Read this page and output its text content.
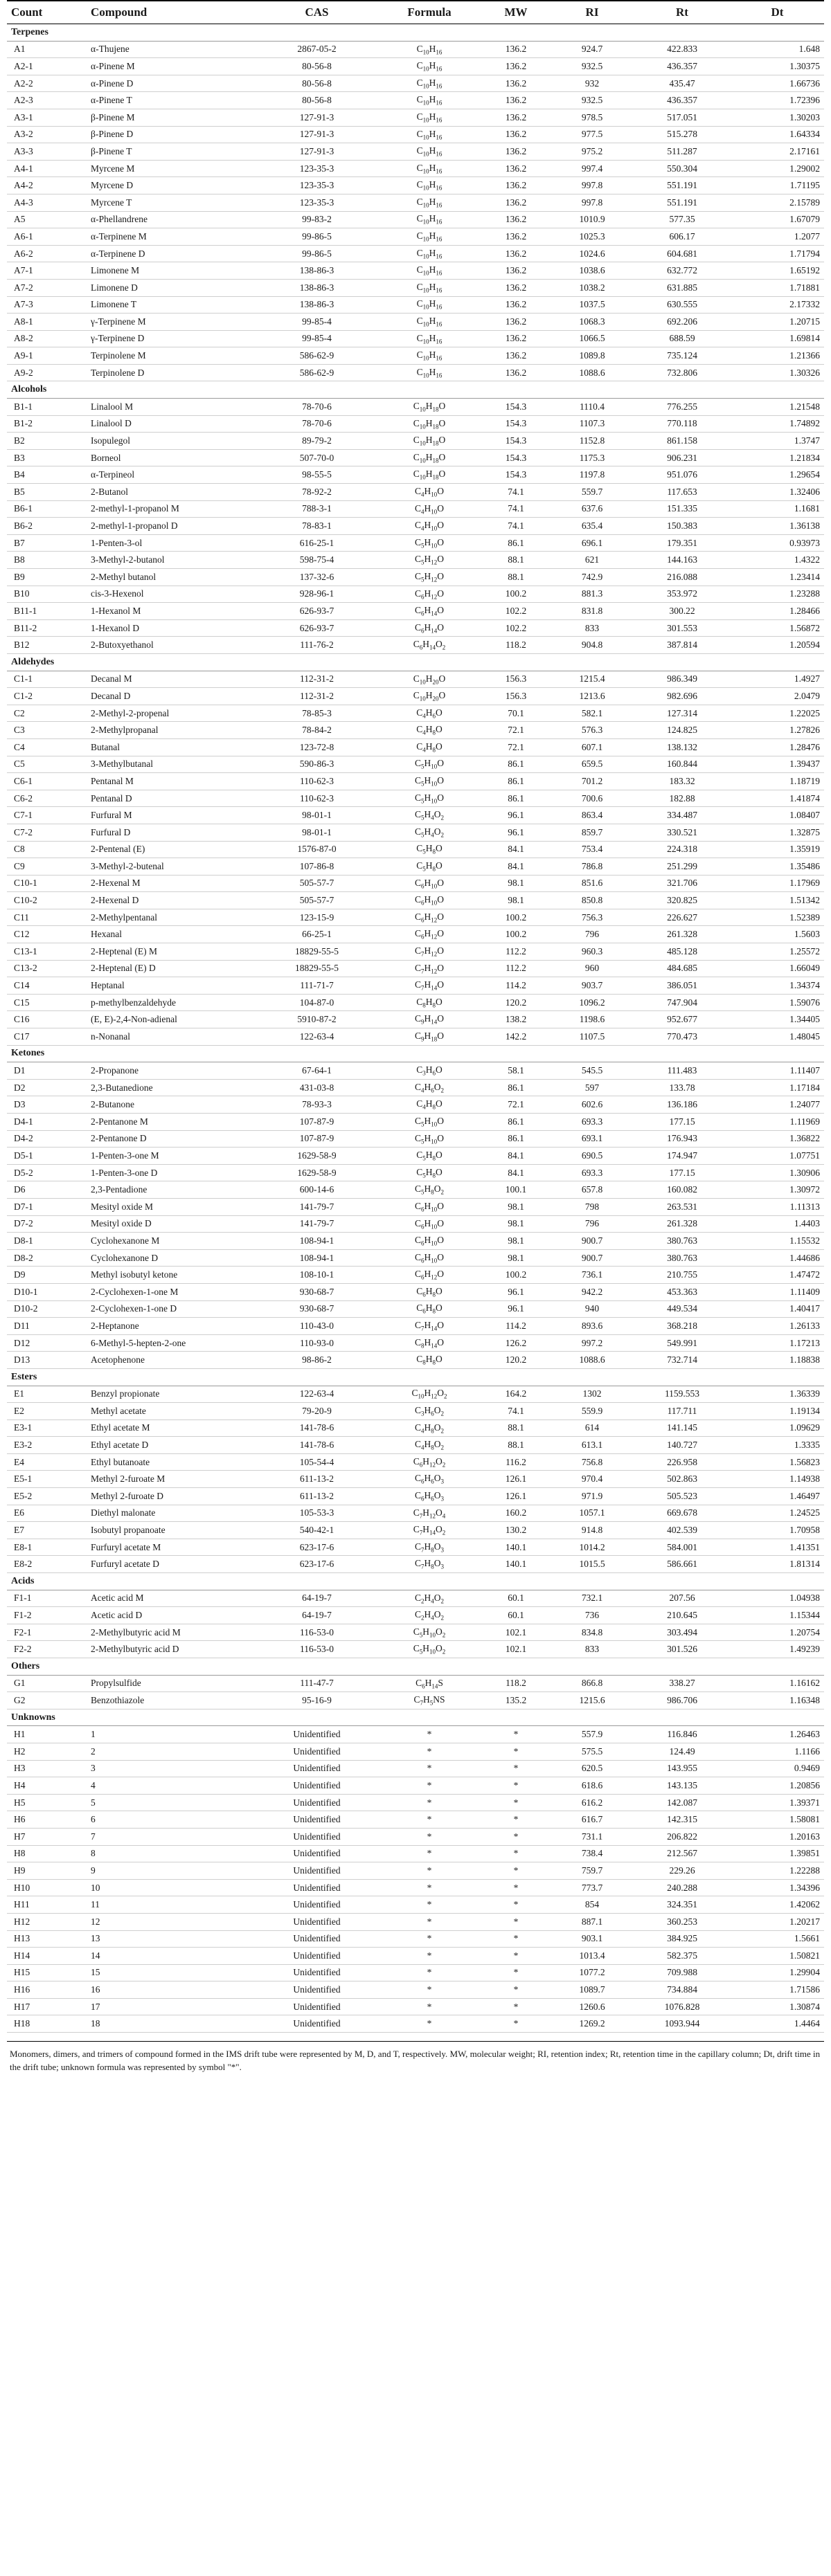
Count	Compound	CAS	Formula	MW	RI	Rt	Dt
Terpenes							
A1	α-Thujene	2867-05-2	$C_{10}H_{16}$	136.2	924.7	422.833	1.648
A2-1	α-Pinene M	80-56-8	$C_{10}H_{16}$	136.2	932.5	436.357	1.30375
A2-2	α-Pinene D	80-56-8	$C_{10}H_{16}$	136.2	932	435.47	1.66736
A2-3	α-Pinene T	80-56-8	$C_{10}H_{16}$	136.2	932.5	436.357	1.72396
A3-1	β-Pinene M	127-91-3	$C_{10}H_{16}$	136.2	978.5	517.051	1.30203
A3-2	β-Pinene D	127-91-3	$C_{10}H_{16}$	136.2	977.5	515.278	1.64334
A3-3	β-Pinene T	127-91-3	$C_{10}H_{16}$	136.2	975.2	511.287	2.17161
A4-1	Myrcene M	123-35-3	$C_{10}H_{16}$	136.2	997.4	550.304	1.29002
A4-2	Myrcene D	123-35-3	$C_{10}H_{16}$	136.2	997.8	551.191	1.71195
A4-3	Myrcene T	123-35-3	$C_{10}H_{16}$	136.2	997.8	551.191	2.15789
A5	α-Phellandrene	99-83-2	$C_{10}H_{16}$	136.2	1010.9	577.35	1.67079
A6-1	α-Terpinene M	99-86-5	$C_{10}H_{16}$	136.2	1025.3	606.17	1.2077
A6-2	α-Terpinene D	99-86-5	$C_{10}H_{16}$	136.2	1024.6	604.681	1.71794
A7-1	Limonene M	138-86-3	$C_{10}H_{16}$	136.2	1038.6	632.772	1.65192
A7-2	Limonene D	138-86-3	$C_{10}H_{16}$	136.2	1038.2	631.885	1.71881
A7-3	Limonene T	138-86-3	$C_{10}H_{16}$	136.2	1037.5	630.555	2.17332
A8-1	γ-Terpinene M	99-85-4	$C_{10}H_{16}$	136.2	1068.3	692.206	1.20715
A8-2	γ-Terpinene D	99-85-4	$C_{10}H_{16}$	136.2	1066.5	688.59	1.69814
A9-1	Terpinolene M	586-62-9	$C_{10}H_{16}$	136.2	1089.8	735.124	1.21366
A9-2	Terpinolene D	586-62-9	$C_{10}H_{16}$	136.2	1088.6	732.806	1.30326
Alcohols							
B1-1	Linalool M	78-70-6	$C_{10}H_{18}O$	154.3	1110.4	776.255	1.21548
B1-2	Linalool D	78-70-6	$C_{10}H_{18}O$	154.3	1107.3	770.118	1.74892
B2	Isopulegol	89-79-2	$C_{10}H_{18}O$	154.3	1152.8	861.158	1.3747
B3	Borneol	507-70-0	$C_{10}H_{18}O$	154.3	1175.3	906.231	1.21834
B4	α-Terpineol	98-55-5	$C_{10}H_{18}O$	154.3	1197.8	951.076	1.29654
B5	2-Butanol	78-92-2	$C_4H_{10}O$	74.1	559.7	117.653	1.32406
B6-1	2-methyl-1-propanol M	788-3-1	$C_4H_{10}O$	74.1	637.6	151.335	1.1681
B6-2	2-methyl-1-propanol D	78-83-1	$C_4H_{10}O$	74.1	635.4	150.383	1.36138
B7	1-Penten-3-ol	616-25-1	$C_5H_{10}O$	86.1	696.1	179.351	0.93973
B8	3-Methyl-2-butanol	598-75-4	$C_5H_{12}O$	88.1	621	144.163	1.4322
B9	2-Methyl butanol	137-32-6	$C_5H_{12}O$	88.1	742.9	216.088	1.23414
B10	cis-3-Hexenol	928-96-1	$C_6H_{12}O$	100.2	881.3	353.972	1.23288
B11-1	1-Hexanol M	626-93-7	$C_6H_{14}O$	102.2	831.8	300.22	1.28466
B11-2	1-Hexanol D	626-93-7	$C_6H_{14}O$	102.2	833	301.553	1.56872
B12	2-Butoxyethanol	111-76-2	$C_6H_{14}O_2$	118.2	904.8	387.814	1.20594
Aldehydes							
C1-1	Decanal M	112-31-2	$C_{10}H_{20}O$	156.3	1215.4	986.349	1.4927
C1-2	Decanal D	112-31-2	$C_{10}H_{20}O$	156.3	1213.6	982.696	2.0479
C2	2-Methyl-2-propenal	78-85-3	$C_4H_6O$	70.1	582.1	127.314	1.22025
C3	2-Methylpropanal	78-84-2	$C_4H_8O$	72.1	576.3	124.825	1.27826
C4	Butanal	123-72-8	$C_4H_8O$	72.1	607.1	138.132	1.28476
C5	3-Methylbutanal	590-86-3	$C_5H_{10}O$	86.1	659.5	160.844	1.39437
C6-1	Pentanal M	110-62-3	$C_5H_{10}O$	86.1	701.2	183.32	1.18719
C6-2	Pentanal D	110-62-3	$C_5H_{10}O$	86.1	700.6	182.88	1.41874
C7-1	Furfural M	98-01-1	$C_5H_4O_2$	96.1	863.4	334.487	1.08407
C7-2	Furfural D	98-01-1	$C_5H_4O_2$	96.1	859.7	330.521	1.32875
C8	2-Pentenal (E)	1576-87-0	$C_5H_8O$	84.1	753.4	224.318	1.35919
C9	3-Methyl-2-butenal	107-86-8	$C_5H_8O$	84.1	786.8	251.299	1.35486
C10-1	2-Hexenal M	505-57-7	$C_6H_{10}O$	98.1	851.6	321.706	1.17969
C10-2	2-Hexenal D	505-57-7	$C_6H_{10}O$	98.1	850.8	320.825	1.51342
C11	2-Methylpentanal	123-15-9	$C_6H_{12}O$	100.2	756.3	226.627	1.52389
C12	Hexanal	66-25-1	$C_6H_{12}O$	100.2	796	261.328	1.5603
C13-1	2-Heptenal (E) M	18829-55-5	$C_7H_{12}O$	112.2	960.3	485.128	1.25572
C13-2	2-Heptenal (E) D	18829-55-5	$C_7H_{12}O$	112.2	960	484.685	1.66049
C14	Heptanal	111-71-7	$C_7H_{14}O$	114.2	903.7	386.051	1.34374
C15	p-methylbenzaldehyde	104-87-0	$C_8H_8O$	120.2	1096.2	747.904	1.59076
C16	(E, E)-2,4-Non-adienal	5910-87-2	$C_9H_{14}O$	138.2	1198.6	952.677	1.34405
C17	n-Nonanal	122-63-4	$C_9H_{18}O$	142.2	1107.5	770.473	1.48045
Ketones							
D1	2-Propanone	67-64-1	$C_3H_6O$	58.1	545.5	111.483	1.11407
D2	2,3-Butanedione	431-03-8	$C_4H_6O_2$	86.1	597	133.78	1.17184
D3	2-Butanone	78-93-3	$C_4H_8O$	72.1	602.6	136.186	1.24077
D4-1	2-Pentanone M	107-87-9	$C_5H_{10}O$	86.1	693.3	177.15	1.11969
D4-2	2-Pentanone D	107-87-9	$C_5H_{10}O$	86.1	693.1	176.943	1.36822
D5-1	1-Penten-3-one M	1629-58-9	$C_5H_8O$	84.1	690.5	174.947	1.07751
D5-2	1-Penten-3-one D	1629-58-9	$C_5H_8O$	84.1	693.3	177.15	1.30906
D6	2,3-Pentadione	600-14-6	$C_5H_8O_2$	100.1	657.8	160.082	1.30972
D7-1	Mesityl oxide M	141-79-7	$C_6H_{10}O$	98.1	798	263.531	1.11313
D7-2	Mesityl oxide D	141-79-7	$C_6H_{10}O$	98.1	796	261.328	1.4403
D8-1	Cyclohexanone M	108-94-1	$C_6H_{10}O$	98.1	900.7	380.763	1.15532
D8-2	Cyclohexanone D	108-94-1	$C_6H_{10}O$	98.1	900.7	380.763	1.44686
D9	Methyl isobutyl ketone	108-10-1	$C_6H_{12}O$	100.2	736.1	210.755	1.47472
D10-1	2-Cyclohexen-1-one M	930-68-7	$C_6H_8O$	96.1	942.2	453.363	1.11409
D10-2	2-Cyclohexen-1-one D	930-68-7	$C_6H_8O$	96.1	940	449.534	1.40417
D11	2-Heptanone	110-43-0	$C_7H_{14}O$	114.2	893.6	368.218	1.26133
D12	6-Methyl-5-hepten-2-one	110-93-0	$C_8H_{14}O$	126.2	997.2	549.991	1.17213
D13	Acetophenone	98-86-2	$C_8H_8O$	120.2	1088.6	732.714	1.18838
Esters							
E1	Benzyl propionate	122-63-4	$C_{10}H_{12}O_2$	164.2	1302	1159.553	1.36339
E2	Methyl acetate	79-20-9	$C_3H_6O_2$	74.1	559.9	117.711	1.19134
E3-1	Ethyl acetate M	141-78-6	$C_4H_8O_2$	88.1	614	141.145	1.09629
E3-2	Ethyl acetate D	141-78-6	$C_4H_8O_2$	88.1	613.1	140.727	1.3335
E4	Ethyl butanoate	105-54-4	$C_6H_{12}O_2$	116.2	756.8	226.958	1.56823
E5-1	Methyl 2-furoate M	611-13-2	$C_6H_6O_3$	126.1	970.4	502.863	1.14938
E5-2	Methyl 2-furoate D	611-13-2	$C_6H_6O_3$	126.1	971.9	505.523	1.46497
E6	Diethyl malonate	105-53-3	$C_7H_{12}O_4$	160.2	1057.1	669.678	1.24525
E7	Isobutyl propanoate	540-42-1	$C_7H_{14}O_2$	130.2	914.8	402.539	1.70958
E8-1	Furfuryl acetate M	623-17-6	$C_7H_8O_3$	140.1	1014.2	584.001	1.41351
E8-2	Furfuryl acetate D	623-17-6	$C_7H_8O_3$	140.1	1015.5	586.661	1.81314
Acids							
F1-1	Acetic acid M	64-19-7	$C_2H_4O_2$	60.1	732.1	207.56	1.04938
F1-2	Acetic acid D	64-19-7	$C_2H_4O_2$	60.1	736	210.645	1.15344
F2-1	2-Methylbutyric acid M	116-53-0	$C_5H_{10}O_2$	102.1	834.8	303.494	1.20754
F2-2	2-Methylbutyric acid D	116-53-0	$C_5H_{10}O_2$	102.1	833	301.526	1.49239
Others							
G1	Propylsulfide	111-47-7	$C_6H_{14}S$	118.2	866.8	338.27	1.16162
G2	Benzothiazole	95-16-9	$C_7H_5NS$	135.2	1215.6	986.706	1.16348
Unknowns							
H1	1	Unidentified	*	*	557.9	116.846	1.26463
H2	2	Unidentified	*	*	575.5	124.49	1.1166
H3	3	Unidentified	*	*	620.5	143.955	0.9469
H4	4	Unidentified	*	*	618.6	143.135	1.20856
H5	5	Unidentified	*	*	616.2	142.087	1.39371
H6	6	Unidentified	*	*	616.7	142.315	1.58081
H7	7	Unidentified	*	*	731.1	206.822	1.20163
H8	8	Unidentified	*	*	738.4	212.567	1.39851
H9	9	Unidentified	*	*	759.7	229.26	1.22288
H10	10	Unidentified	*	*	773.7	240.288	1.34396
H11	11	Unidentified	*	*	854	324.351	1.42062
H12	12	Unidentified	*	*	887.1	360.253	1.20217
H13	13	Unidentified	*	*	903.1	384.925	1.5661
H14	14	Unidentified	*	*	1013.4	582.375	1.50821
H15	15	Unidentified	*	*	1077.2	709.988	1.29904
H16	16	Unidentified	*	*	1089.7	734.884	1.71586
H17	17	Unidentified	*	*	1260.6	1076.828	1.30874
H18	18	Unidentified	*	*	1269.2	1093.944	1.4464
Monomers, dimers, and trimers of compound formed in the IMS drift tube were represented by M, D, and T, respectively. MW, molecular weight; RI, retention index; Rt, retention time in the capillary column; Dt, drift time in the drift tube; unknown formula was represented by symbol "*".
